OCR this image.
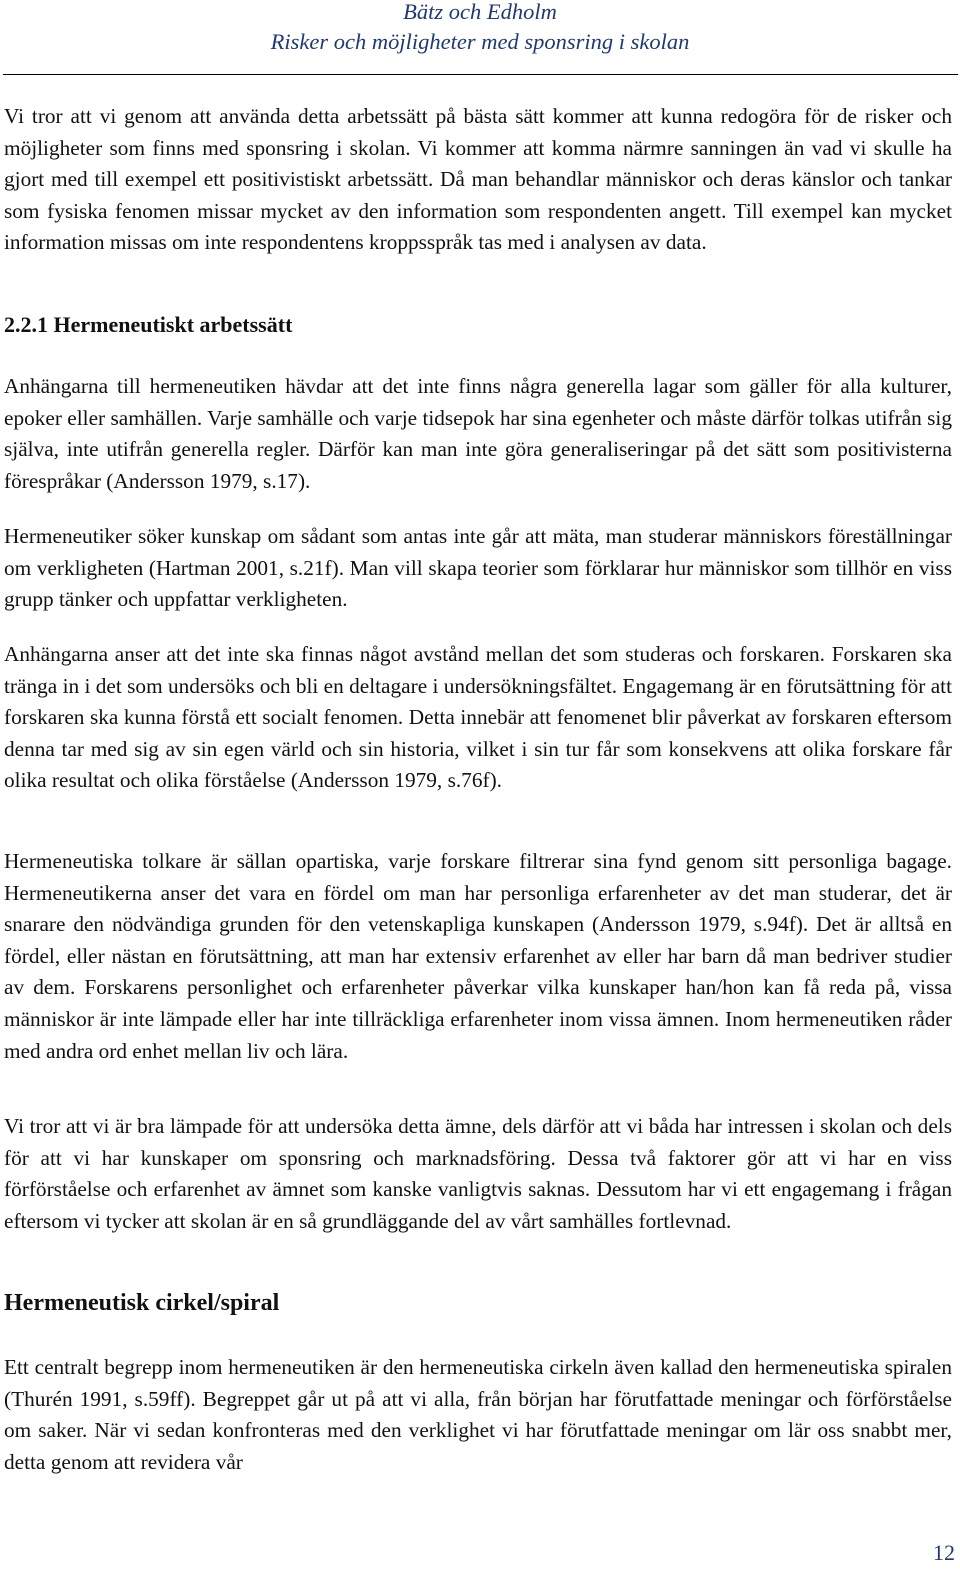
Bätz och Edholm
Risker och möjligheter med sponsring i skolan

Vi tror att vi genom att använda detta arbetssätt på bästa sätt kommer att kunna redogöra för de risker och möjligheter som finns med sponsring i skolan. Vi kommer att komma närmre sanningen än vad vi skulle ha gjort med till exempel ett positivistiskt arbetssätt. Då man behandlar människor och deras känslor och tankar som fysiska fenomen missar mycket av den information som respondenten angett. Till exempel kan mycket information missas om inte respondentens kroppsspråk tas med i analysen av data.

2.2.1 Hermeneutiskt arbetssätt

Anhängarna till hermeneutiken hävdar att det inte finns några generella lagar som gäller för alla kulturer, epoker eller samhällen. Varje samhälle och varje tidsepok har sina egenheter och måste därför tolkas utifrån sig själva, inte utifrån generella regler. Därför kan man inte göra generaliseringar på det sätt som positivisterna förespråkar (Andersson 1979, s.17).

Hermeneutiker söker kunskap om sådant som antas inte går att mäta, man studerar människors föreställningar om verkligheten (Hartman 2001, s.21f). Man vill skapa teorier som förklarar hur människor som tillhör en viss grupp tänker och uppfattar verkligheten.

Anhängarna anser att det inte ska finnas något avstånd mellan det som studeras och forskaren. Forskaren ska tränga in i det som undersöks och bli en deltagare i undersökningsfältet. Engagemang är en förutsättning för att forskaren ska kunna förstå ett socialt fenomen. Detta innebär att fenomenet blir påverkat av forskaren eftersom denna tar med sig av sin egen värld och sin historia, vilket i sin tur får som konsekvens att olika forskare får olika resultat och olika förståelse (Andersson 1979, s.76f).

Hermeneutiska tolkare är sällan opartiska, varje forskare filtrerar sina fynd genom sitt personliga bagage. Hermeneutikerna anser det vara en fördel om man har personliga erfarenheter av det man studerar, det är snarare den nödvändiga grunden för den vetenskapliga kunskapen (Andersson 1979, s.94f). Det är alltså en fördel, eller nästan en förutsättning, att man har extensiv erfarenhet av eller har barn då man bedriver studier av dem. Forskarens personlighet och erfarenheter påverkar vilka kunskaper han/hon kan få reda på, vissa människor är inte lämpade eller har inte tillräckliga erfarenheter inom vissa ämnen. Inom hermeneutiken råder med andra ord enhet mellan liv och lära.

Vi tror att vi är bra lämpade för att undersöka detta ämne, dels därför att vi båda har intressen i skolan och dels för att vi har kunskaper om sponsring och marknadsföring. Dessa två faktorer gör att vi har en viss förförståelse och erfarenhet av ämnet som kanske vanligtvis saknas. Dessutom har vi ett engagemang i frågan eftersom vi tycker att skolan är en så grundläggande del av vårt samhälles fortlevnad.

Hermeneutisk cirkel/spiral

Ett centralt begrepp inom hermeneutiken är den hermeneutiska cirkeln även kallad den hermeneutiska spiralen (Thurén 1991, s.59ff). Begreppet går ut på att vi alla, från början har förutfattade meningar och förförståelse om saker. När vi sedan konfronteras med den verklighet vi har förutfattade meningar om lär oss snabbt mer, detta genom att revidera vår

12
